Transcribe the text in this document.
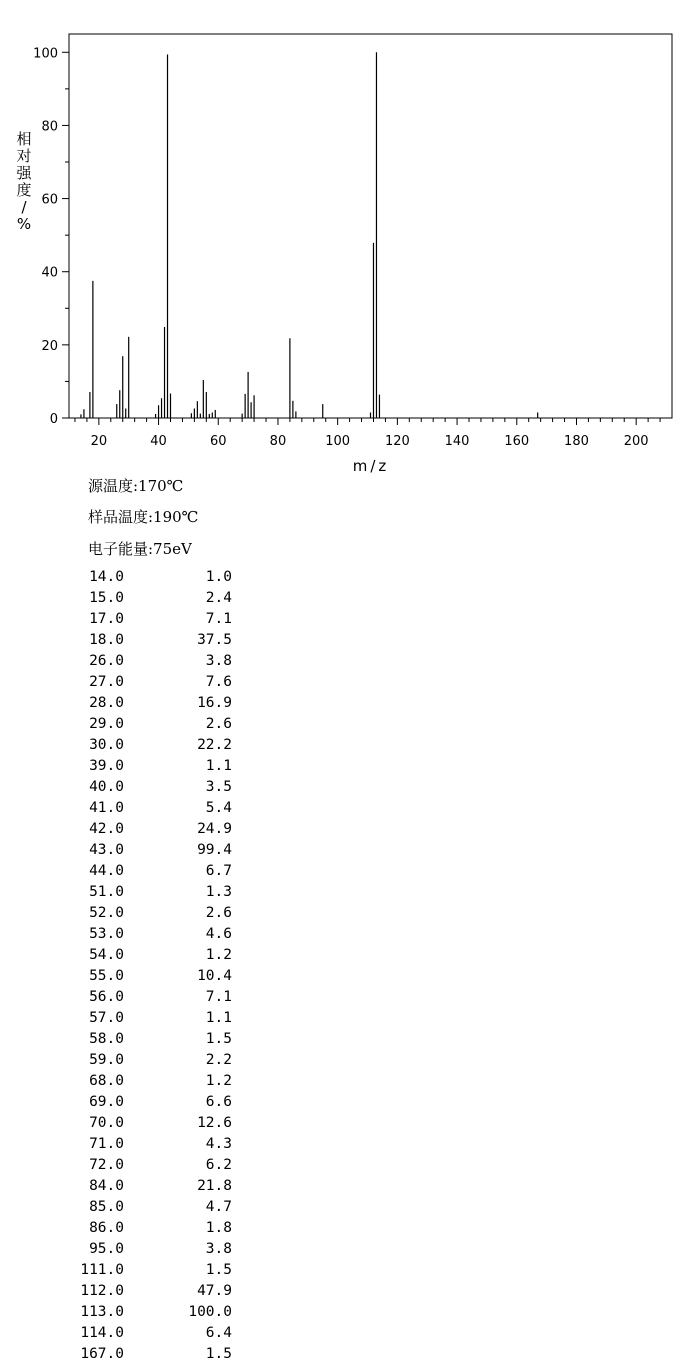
0
20
40
60
80
100
20	40	60	80	100	120	140	160	180	200
m/z
相
对
强
度
/
%
源温度:170℃
样品温度:190℃
电子能量:75eV
14.0	1.0
15.0	2.4
17.0	7.1
18.0	37.5
26.0	3.8
27.0	7.6
28.0	16.9
29.0	2.6
30.0	22.2
39.0	1.1
40.0	3.5
41.0	5.4
42.0	24.9
43.0	99.4
44.0	6.7
51.0	1.3
52.0	2.6
53.0	4.6
54.0	1.2
55.0	10.4
56.0	7.1
57.0	1.1
58.0	1.5
59.0	2.2
68.0	1.2
69.0	6.6
70.0	12.6
71.0	4.3
72.0	6.2
84.0	21.8
85.0	4.7
86.0	1.8
95.0	3.8
111.0	1.5
112.0	47.9
113.0	100.0
114.0	6.4
167.0	1.5
